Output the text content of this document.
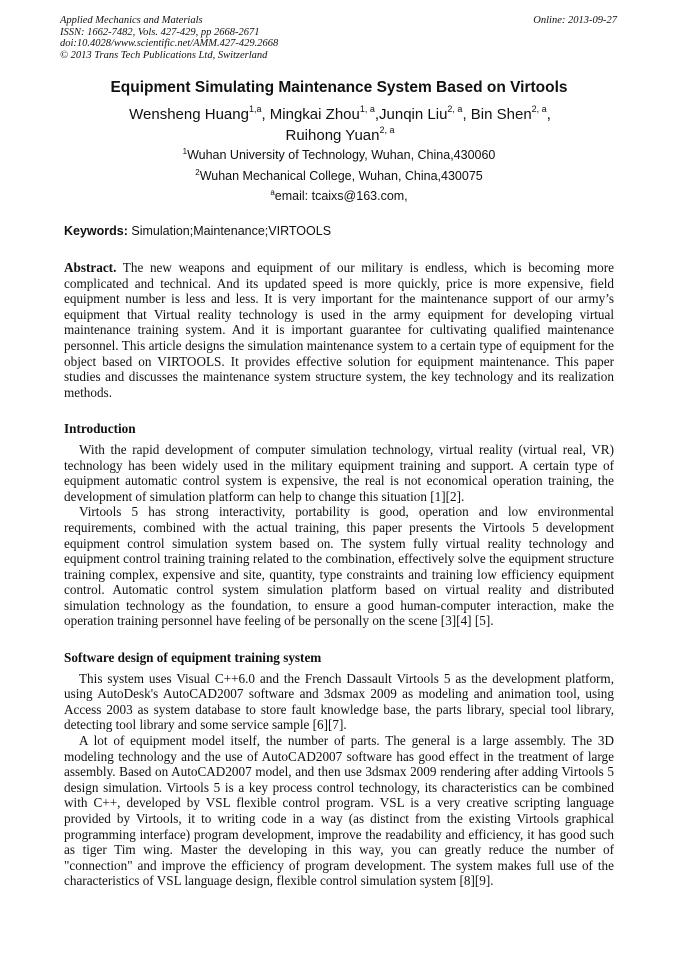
Applied Mechanics and Materials
ISSN: 1662-7482, Vols. 427-429, pp 2668-2671
doi:10.4028/www.scientific.net/AMM.427-429.2668
© 2013 Trans Tech Publications Ltd, Switzerland
Online: 2013-09-27
Equipment Simulating Maintenance System Based on Virtools
Wensheng Huang$^{1,a}$, Mingkai Zhou$^{1, a}$,Junqin Liu$^{2, a}$, Bin Shen$^{2, a}$,
Ruihong Yuan$^{2, a}$
$^1$Wuhan University of Technology, Wuhan, China,430060
$^2$Wuhan Mechanical College, Wuhan, China,430075
$^a$email: tcaixs@163.com,
Keywords: Simulation;Maintenance;VIRTOOLS

Abstract. The new weapons and equipment of our military is endless, which is becoming more complicated and technical. And its updated speed is more quickly, price is more expensive, field equipment number is less and less. It is very important for the maintenance support of our army’s equipment that Virtual reality technology is used in the army equipment for developing virtual maintenance training system. And it is important guarantee for cultivating qualified maintenance personnel. This article designs the simulation maintenance system to a certain type of equipment for the object based on VIRTOOLS. It provides effective solution for equipment maintenance. This paper studies and discusses the maintenance system structure system, the key technology and its realization methods.

Introduction

With the rapid development of computer simulation technology, virtual reality (virtual real, VR) technology has been widely used in the military equipment training and support. A certain type of equipment automatic control system is expensive, the real is not economical operation training, the development of simulation platform can help to change this situation [1][2].

Virtools 5 has strong interactivity, portability is good, operation and low environmental requirements, combined with the actual training, this paper presents the Virtools 5 development equipment control simulation system based on. The system fully virtual reality technology and equipment control training training related to the combination, effectively solve the equipment structure training complex, expensive and site, quantity, type constraints and training low efficiency equipment control. Automatic control system simulation platform based on virtual reality and distributed simulation technology as the foundation, to ensure a good human-computer interaction, make the operation training personnel have feeling of be personally on the scene [3][4] [5].

Software design of equipment training system

This system uses Visual C++6.0 and the French Dassault Virtools 5 as the development platform, using AutoDesk's AutoCAD2007 software and 3dsmax 2009 as modeling and animation tool, using Access 2003 as system database to store fault knowledge base, the parts library, special tool library, detecting tool library and some service sample [6][7].

A lot of equipment model itself, the number of parts. The general is a large assembly. The 3D modeling technology and the use of AutoCAD2007 software has good effect in the treatment of large assembly. Based on AutoCAD2007 model, and then use 3dsmax 2009 rendering after adding Virtools 5 design simulation. Virtools 5 is a key process control technology, its characteristics can be combined with C++, developed by VSL flexible control program. VSL is a very creative scripting language provided by Virtools, it to writing code in a way (as distinct from the existing Virtools graphical programming interface) program development, improve the readability and efficiency, it has good such as tiger Tim wing. Master the developing in this way, you can greatly reduce the number of "connection" and improve the efficiency of program development. The system makes full use of the characteristics of VSL language design, flexible control simulation system [8][9].
